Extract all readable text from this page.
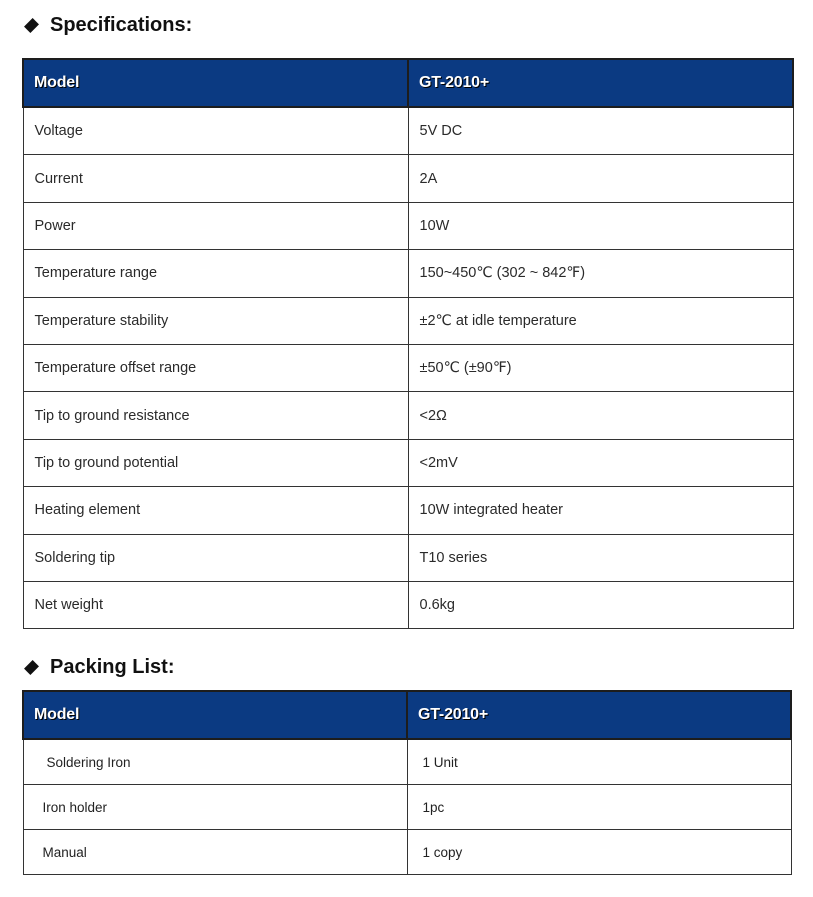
Specifications:
Model	GT-2010+
Voltage	5V DC
Current	2A
Power	10W
Temperature range	150~450℃ (302 ~ 842℉)
Temperature stability	±2℃ at idle temperature
Temperature offset range	±50℃ (±90℉)
Tip to ground resistance	<2Ω
Tip to ground potential	<2mV
Heating element	10W integrated heater
Soldering tip	T10 series
Net weight	0.6kg
Packing List:
Model	GT-2010+
Soldering Iron	1 Unit
Iron holder	1pc
Manual	1 copy
